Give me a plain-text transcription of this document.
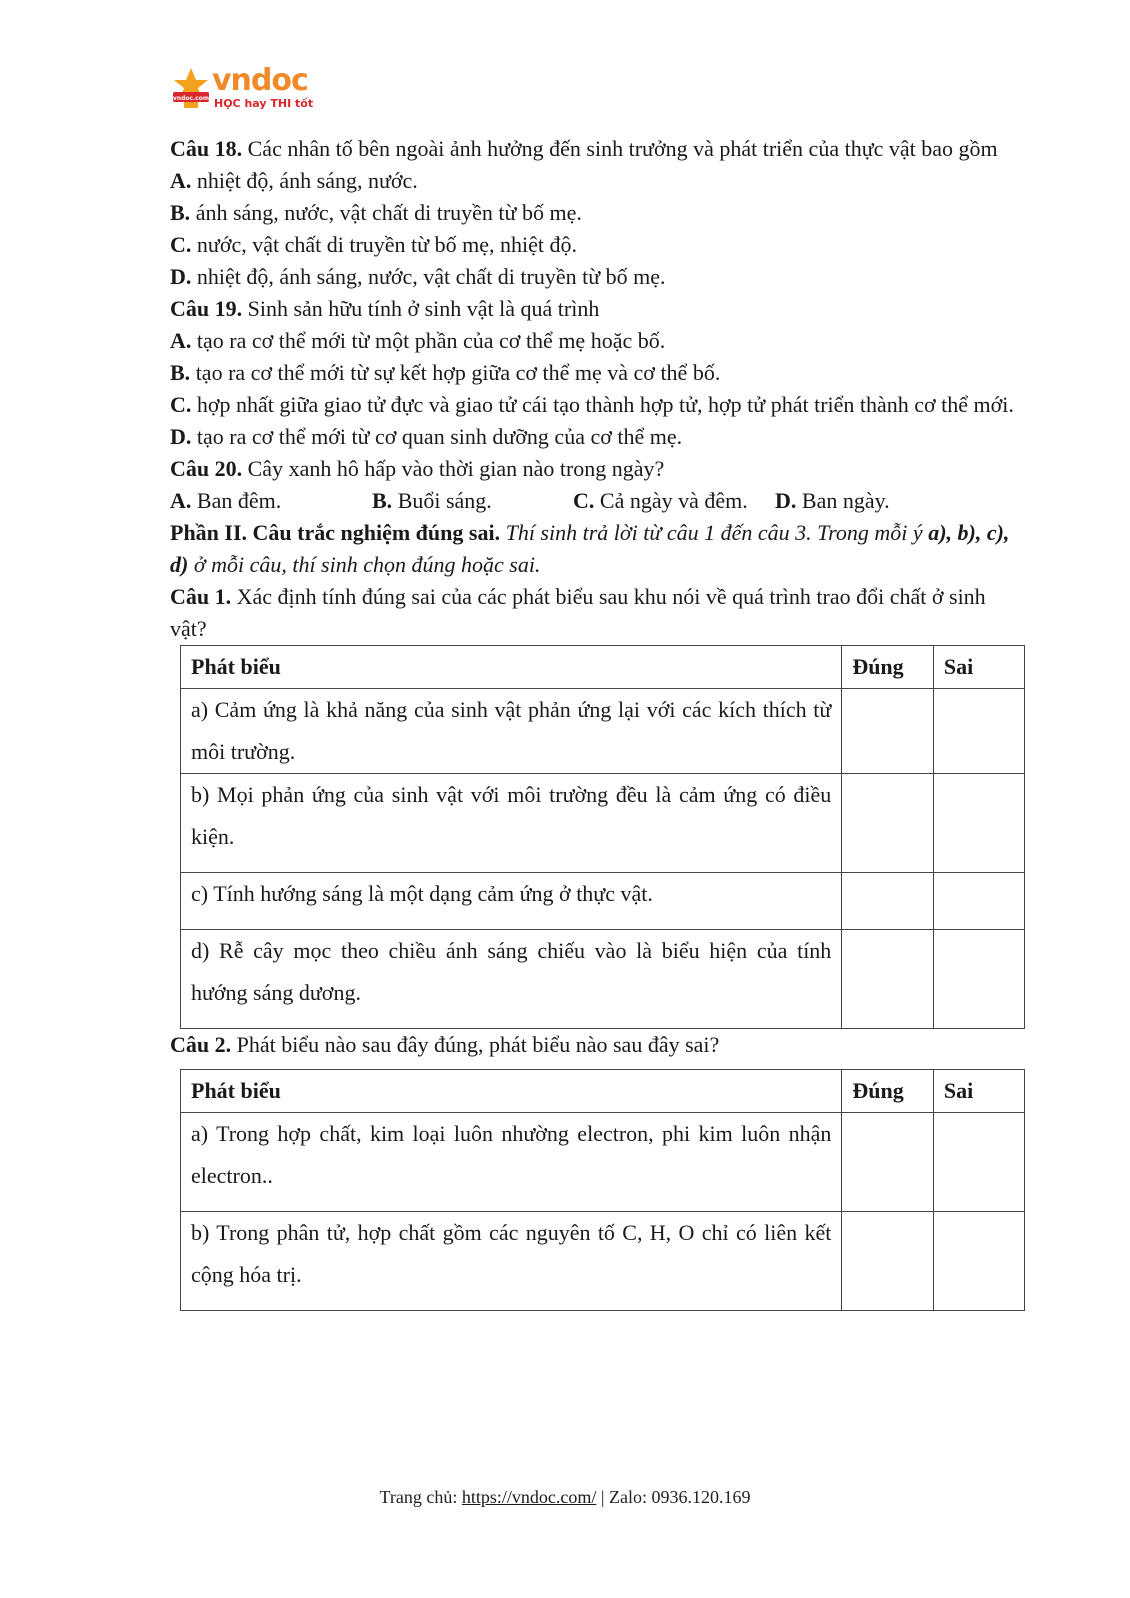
vndoc.com
vndoc
HỌC hay THI tốt

Câu 18. Các nhân tố bên ngoài ảnh hưởng đến sinh trưởng và phát triển của thực vật bao gồm

A. nhiệt độ, ánh sáng, nước.

B. ánh sáng, nước, vật chất di truyền từ bố mẹ.

C. nước, vật chất di truyền từ bố mẹ, nhiệt độ.

D. nhiệt độ, ánh sáng, nước, vật chất di truyền từ bố mẹ.

Câu 19. Sinh sản hữu tính ở sinh vật là quá trình

A. tạo ra cơ thể mới từ một phần của cơ thể mẹ hoặc bố.

B. tạo ra cơ thể mới từ sự kết hợp giữa cơ thể mẹ và cơ thể bố.

C. hợp nhất giữa giao tử đực và giao tử cái tạo thành hợp tử, hợp tử phát triển thành cơ thể mới.

D. tạo ra cơ thể mới từ cơ quan sinh dưỡng của cơ thể mẹ.

Câu 20. Cây xanh hô hấp vào thời gian nào trong ngày?

A. Ban đêm.	B. Buổi sáng.	C. Cả ngày và đêm.	D. Ban ngày.

Phần II. Câu trắc nghiệm đúng sai. Thí sinh trả lời từ câu 1 đến câu 3. Trong mỗi ý a), b), c), d) ở mỗi câu, thí sinh chọn đúng hoặc sai.

Câu 1. Xác định tính đúng sai của các phát biểu sau khu nói về quá trình trao đổi chất ở sinh vật?

Phát biểu	Đúng	Sai
a) Cảm ứng là khả năng của sinh vật phản ứng lại với các kích thích từ môi trường.		
b) Mọi phản ứng của sinh vật với môi trường đều là cảm ứng có điều kiện.		
c) Tính hướng sáng là một dạng cảm ứng ở thực vật.		
d) Rễ cây mọc theo chiều ánh sáng chiếu vào là biểu hiện của tính hướng sáng dương.		

Câu 2. Phát biểu nào sau đây đúng, phát biểu nào sau đây sai?

Phát biểu	Đúng	Sai
a) Trong hợp chất, kim loại luôn nhường electron, phi kim luôn nhận electron..		
b) Trong phân tử, hợp chất gồm các nguyên tố C, H, O chỉ có liên kết cộng hóa trị.		
Trang chủ: https://vndoc.com/ | Zalo: 0936.120.169
